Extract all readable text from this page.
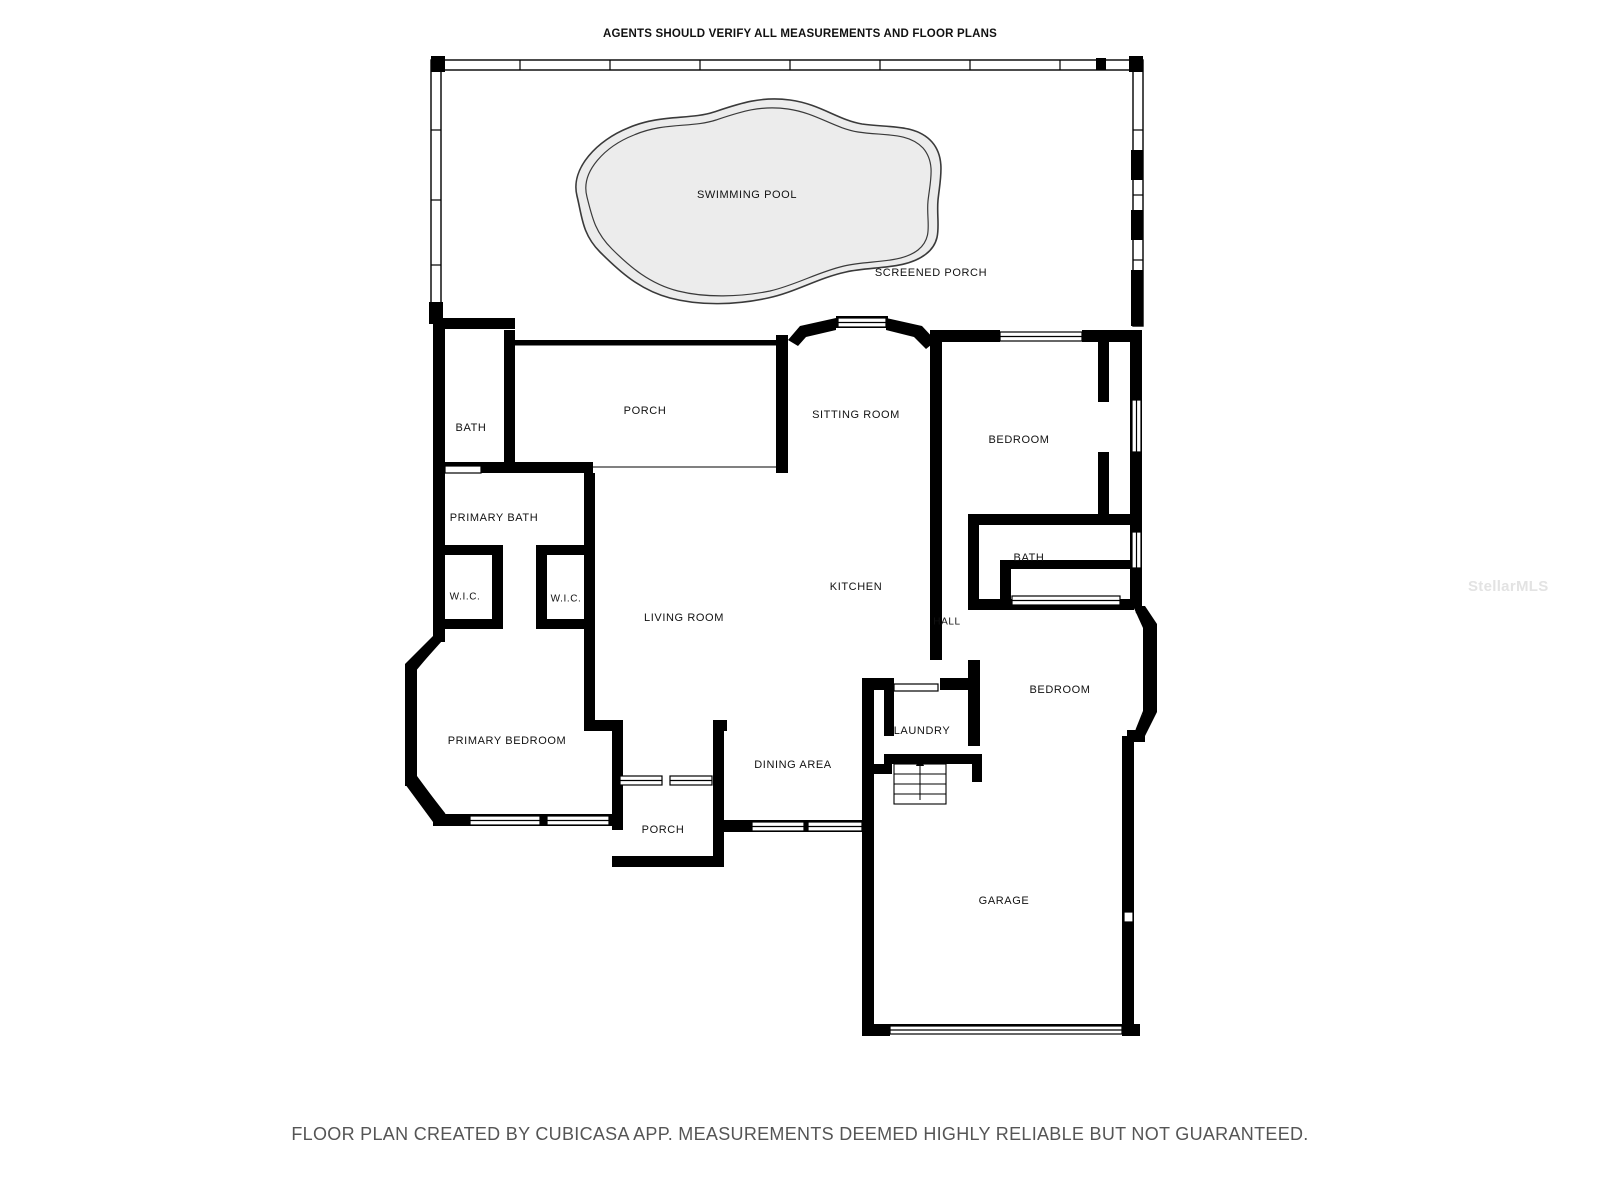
AGENTS SHOULD VERIFY ALL MEASUREMENTS AND FLOOR PLANS
SWIMMING POOL
SCREENED PORCH
BATH
PORCH	SITTING ROOM
BEDROOM
PRIMARY BATH
BATH
W.I.C.	W.I.C.
KITCHEN
LIVING ROOM	HALL
BEDROOM
LAUNDRY
PRIMARY BEDROOM
DINING AREA
PORCH
GARAGE
StellarMLS
FLOOR PLAN CREATED BY CUBICASA APP. MEASUREMENTS DEEMED HIGHLY RELIABLE BUT NOT GUARANTEED.
